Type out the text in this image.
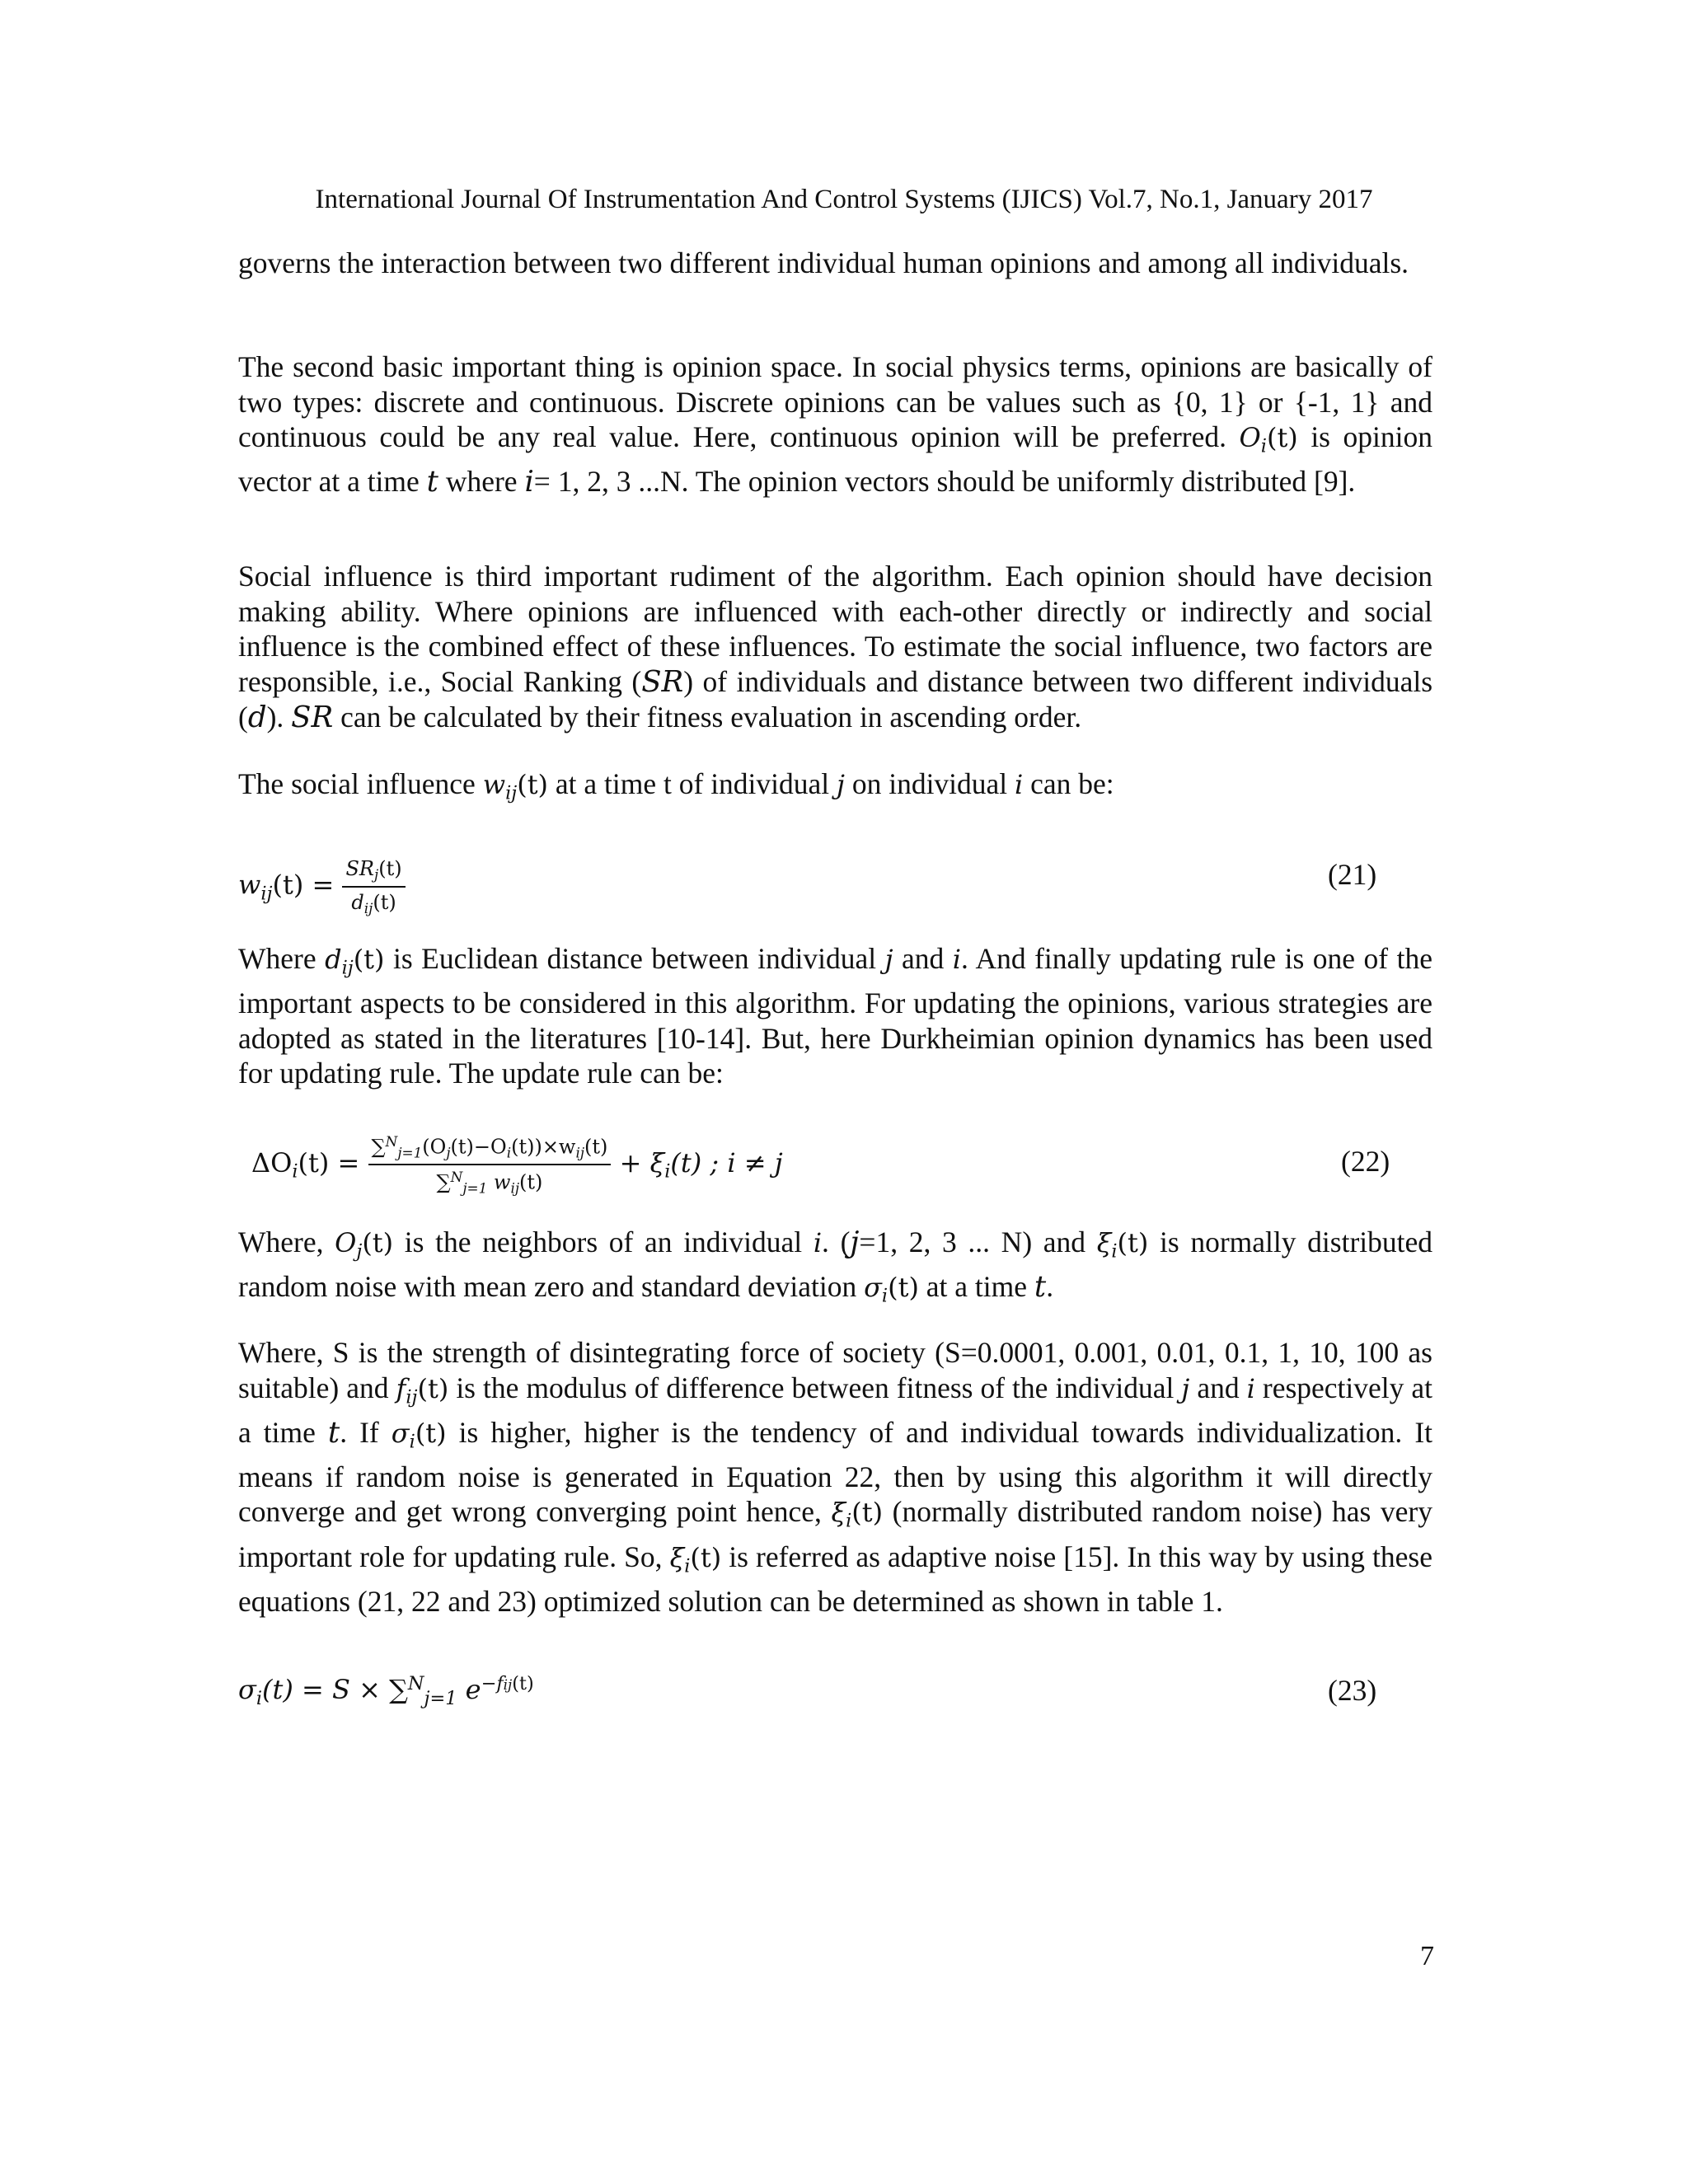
International Journal Of Instrumentation And Control Systems (IJICS) Vol.7, No.1, January 2017

governs the interaction between two different individual human opinions and among all individuals.

The second basic important thing is opinion space. In social physics terms, opinions are basically of two types: discrete and continuous. Discrete opinions can be values such as {0, 1} or {-1, 1} and continuous could be any real value. Here, continuous opinion will be preferred. $O_i(t)$ is opinion vector at a time t where i= 1, 2, 3 ...N. The opinion vectors should be uniformly distributed [9].

Social influence is third important rudiment of the algorithm. Each opinion should have decision making ability. Where opinions are influenced with each-other directly or indirectly and social influence is the combined effect of these influences. To estimate the social influence, two factors are responsible, i.e., Social Ranking (SR) of individuals and distance between two different individuals (d). SR can be calculated by their fitness evaluation in ascending order.

The social influence $w_{ij}(t)$ at a time t of individual j on individual i can be:

$w_{ij}(t) = \frac{SR_j(t)}{d_{ij}(t)}$	(21)

Where $d_{ij}(t)$ is Euclidean distance between individual j and i. And finally updating rule is one of the important aspects to be considered in this algorithm. For updating the opinions, various strategies are adopted as stated in the literatures [10-14]. But, here Durkheimian opinion dynamics has been used for updating rule. The update rule can be:

$\Delta O_i(t) = \frac{\sum^N_{j=1}(O_j(t)-O_i(t))\times w_{ij}(t)}{\sum^N_{j=1} w_{ij}(t)} + \xi_i(t)$ ; i ≠ j	(22)

Where, $O_j(t)$ is the neighbors of an individual i. (j=1, 2, 3 ... N) and $\xi_i(t)$ is normally distributed random noise with mean zero and standard deviation $\sigma_i(t)$ at a time t.

Where, S is the strength of disintegrating force of society (S=0.0001, 0.001, 0.01, 0.1, 1, 10, 100 as suitable) and $f_{ij}(t)$ is the modulus of difference between fitness of the individual j and i respectively at a time t. If $\sigma_i(t)$ is higher, higher is the tendency of and individual towards individualization. It means if random noise is generated in Equation 22, then by using this algorithm it will directly converge and get wrong converging point hence, $\xi_i(t)$ (normally distributed random noise) has very important role for updating rule. So, $\xi_i(t)$ is referred as adaptive noise [15]. In this way by using these equations (21, 22 and 23) optimized solution can be determined as shown in table 1.

$\sigma_i(t) = S \times \sum^N_{j=1}$ $e^{-fij(t)}$	(23)
7
